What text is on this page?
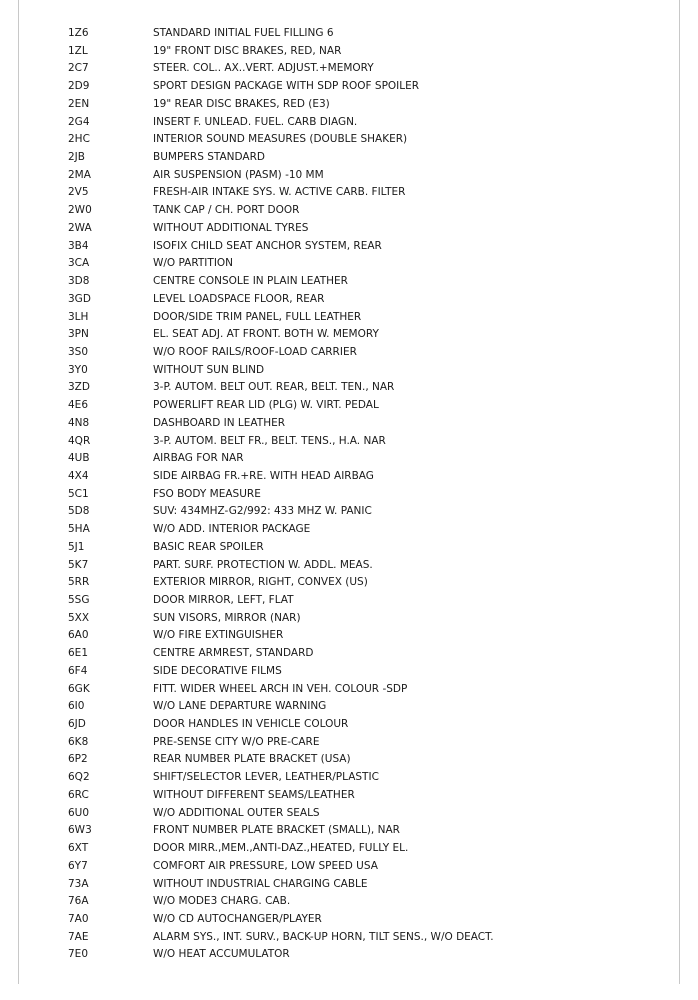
1Z6	STANDARD INITIAL FUEL FILLING 6
1ZL	19" FRONT DISC BRAKES, RED, NAR
2C7	STEER. COL.. AX..VERT. ADJUST.+MEMORY
2D9	SPORT DESIGN PACKAGE WITH SDP ROOF SPOILER
2EN	19" REAR DISC BRAKES, RED (E3)
2G4	INSERT F. UNLEAD. FUEL. CARB DIAGN.
2HC	INTERIOR SOUND MEASURES (DOUBLE SHAKER)
2JB	BUMPERS STANDARD
2MA	AIR SUSPENSION (PASM) -10 MM
2V5	FRESH-AIR INTAKE SYS. W. ACTIVE CARB. FILTER
2W0	TANK CAP / CH. PORT DOOR
2WA	WITHOUT ADDITIONAL TYRES
3B4	ISOFIX CHILD SEAT ANCHOR SYSTEM, REAR
3CA	W/O PARTITION
3D8	CENTRE CONSOLE IN PLAIN LEATHER
3GD	LEVEL LOADSPACE FLOOR, REAR
3LH	DOOR/SIDE TRIM PANEL, FULL LEATHER
3PN	EL. SEAT ADJ. AT FRONT. BOTH W. MEMORY
3S0	W/O ROOF RAILS/ROOF-LOAD CARRIER
3Y0	WITHOUT SUN BLIND
3ZD	3-P. AUTOM. BELT OUT. REAR, BELT. TEN., NAR
4E6	POWERLIFT REAR LID (PLG) W. VIRT. PEDAL
4N8	DASHBOARD IN LEATHER
4QR	3-P. AUTOM. BELT FR., BELT. TENS., H.A. NAR
4UB	AIRBAG FOR NAR
4X4	SIDE AIRBAG FR.+RE. WITH HEAD AIRBAG
5C1	FSO BODY MEASURE
5D8	SUV: 434MHZ-G2/992: 433 MHZ W. PANIC
5HA	W/O ADD. INTERIOR PACKAGE
5J1	BASIC REAR SPOILER
5K7	PART. SURF. PROTECTION W. ADDL. MEAS.
5RR	EXTERIOR MIRROR, RIGHT, CONVEX (US)
5SG	DOOR MIRROR, LEFT, FLAT
5XX	SUN VISORS, MIRROR (NAR)
6A0	W/O FIRE EXTINGUISHER
6E1	CENTRE ARMREST, STANDARD
6F4	SIDE DECORATIVE FILMS
6GK	FITT. WIDER WHEEL ARCH IN VEH. COLOUR -SDP
6I0	W/O LANE DEPARTURE WARNING
6JD	DOOR HANDLES IN VEHICLE COLOUR
6K8	PRE-SENSE CITY W/O PRE-CARE
6P2	REAR NUMBER PLATE BRACKET (USA)
6Q2	SHIFT/SELECTOR LEVER, LEATHER/PLASTIC
6RC	WITHOUT DIFFERENT SEAMS/LEATHER
6U0	W/O ADDITIONAL OUTER SEALS
6W3	FRONT NUMBER PLATE BRACKET (SMALL), NAR
6XT	DOOR MIRR.,MEM.,ANTI-DAZ.,HEATED, FULLY EL.
6Y7	COMFORT AIR PRESSURE, LOW SPEED USA
73A	WITHOUT INDUSTRIAL CHARGING CABLE
76A	W/O MODE3 CHARG. CAB.
7A0	W/O CD AUTOCHANGER/PLAYER
7AE	ALARM SYS., INT. SURV., BACK-UP HORN, TILT SENS., W/O DEACT.
7E0	W/O HEAT ACCUMULATOR
